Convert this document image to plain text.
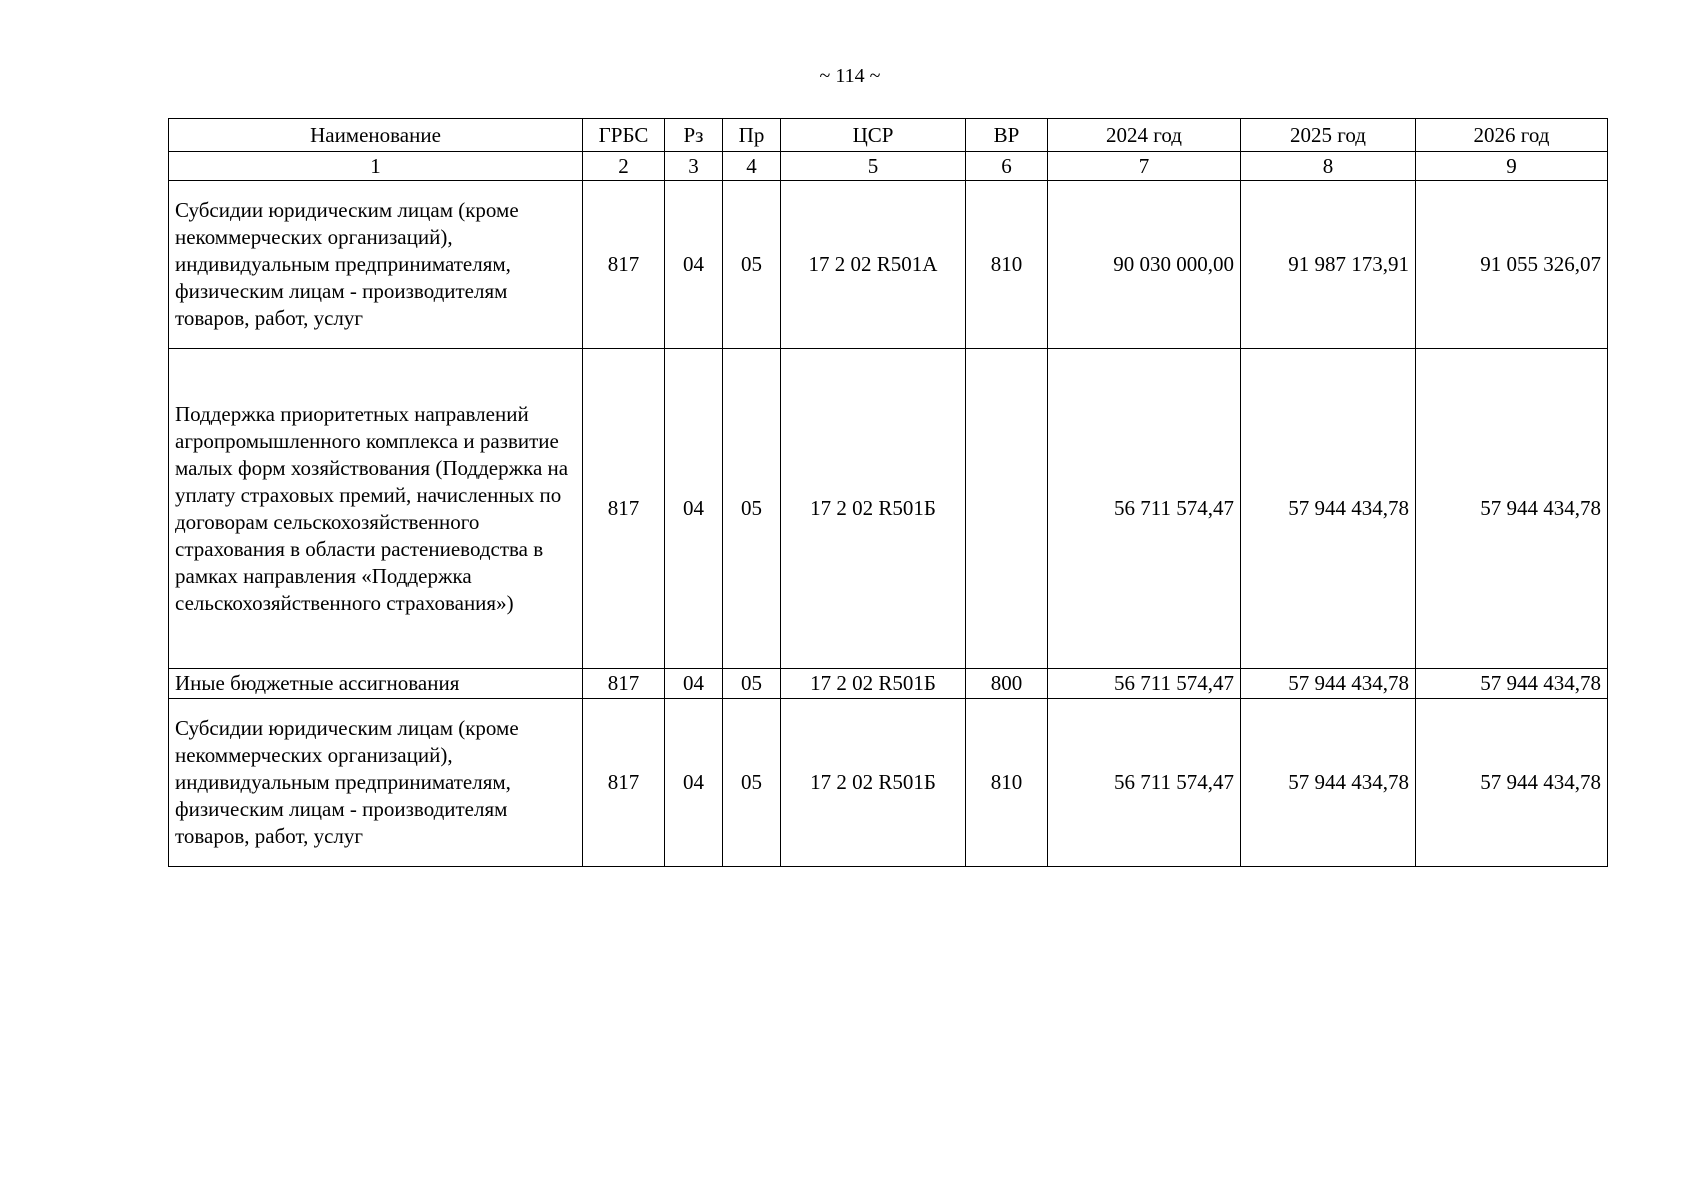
~ 114 ~
Наименование	ГРБС	Рз	Пр	ЦСР	ВР	2024 год	2025 год	2026 год
1	2	3	4	5	6	7	8	9
Субсидии юридическим лицам (кроме некоммерческих организаций), индивидуальным предпринимателям, физическим лицам - производителям товаров, работ, услуг	817	04	05	17 2 02 R501А	810	90 030 000,00	91 987 173,91	91 055 326,07
Поддержка приоритетных направлений агропромышленного комплекса и развитие малых форм хозяйствования (Поддержка на уплату страховых премий, начисленных по договорам сельскохозяйственного страхования в области растениеводства в рамках направления «Поддержка сельскохозяйственного страхования»)	817	04	05	17 2 02 R501Б		56 711 574,47	57 944 434,78	57 944 434,78
Иные бюджетные ассигнования	817	04	05	17 2 02 R501Б	800	56 711 574,47	57 944 434,78	57 944 434,78
Субсидии юридическим лицам (кроме некоммерческих организаций), индивидуальным предпринимателям, физическим лицам - производителям товаров, работ, услуг	817	04	05	17 2 02 R501Б	810	56 711 574,47	57 944 434,78	57 944 434,78
